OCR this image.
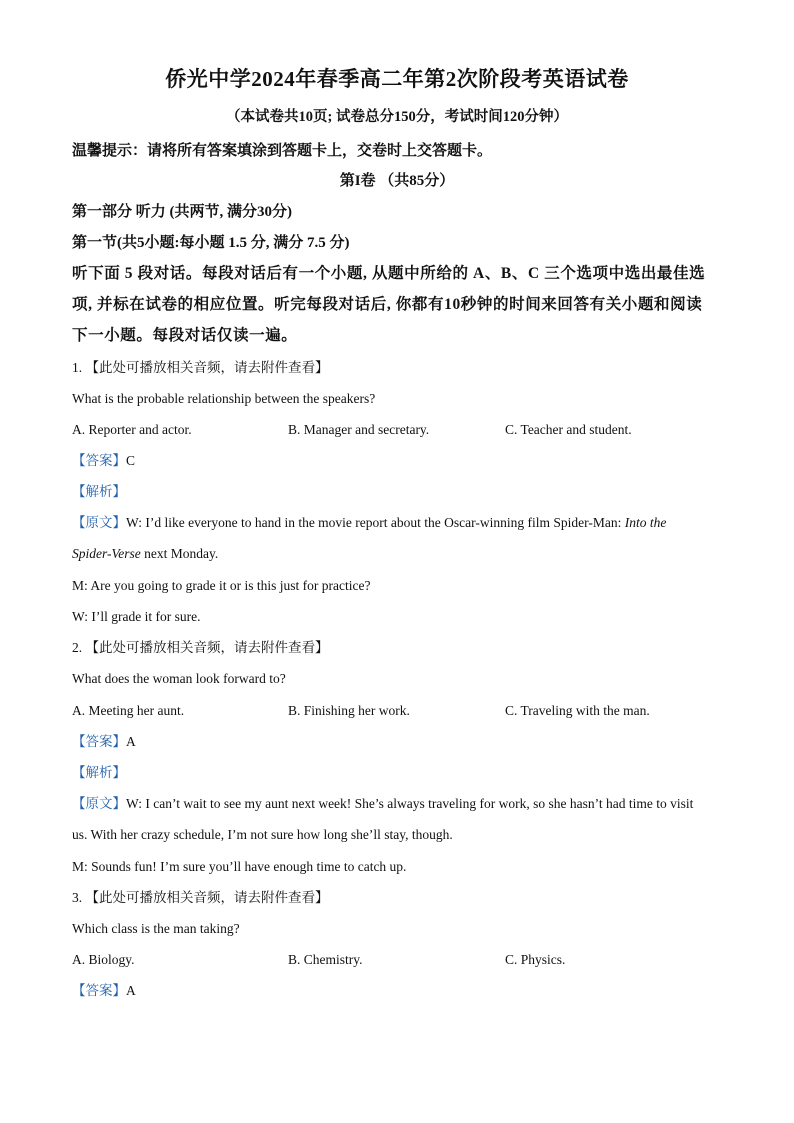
侨光中学2024年春季高二年第2次阶段考英语试卷
（本试卷共10页; 试卷总分150分，考试时间120分钟）
温馨提示：请将所有答案填涂到答题卡上，交卷时上交答题卡。
第I卷 （共85分）
第一部分 听力 (共两节, 满分30分)
第一节(共5小题:每小题 1.5 分, 满分 7.5 分)
听下面 5 段对话。每段对话后有一个小题, 从题中所给的 A、B、C 三个选项中选出最佳选
项, 并标在试卷的相应位置。听完每段对话后, 你都有10秒钟的时间来回答有关小题和阅读
下一小题。每段对话仅读一遍。
1. 【此处可播放相关音频，请去附件查看】
What is the probable relationship between the speakers?
A. Reporter and actor.	B. Manager and secretary.	C. Teacher and student.
【答案】C
【解析】
【原文】W: I’d like everyone to hand in the movie report about the Oscar-winning film Spider-Man: Into the
Spider-Verse next Monday.
M: Are you going to grade it or is this just for practice?
W: I’ll grade it for sure.
2. 【此处可播放相关音频，请去附件查看】
What does the woman look forward to?
A. Meeting her aunt.	B. Finishing her work.	C. Traveling with the man.
【答案】A
【解析】
【原文】W: I can’t wait to see my aunt next week! She’s always traveling for work, so she hasn’t had time to visit
us. With her crazy schedule, I’m not sure how long she’ll stay, though.
M: Sounds fun! I’m sure you’ll have enough time to catch up.
3. 【此处可播放相关音频，请去附件查看】
Which class is the man taking?
A. Biology.	B. Chemistry.	C. Physics.
【答案】A
